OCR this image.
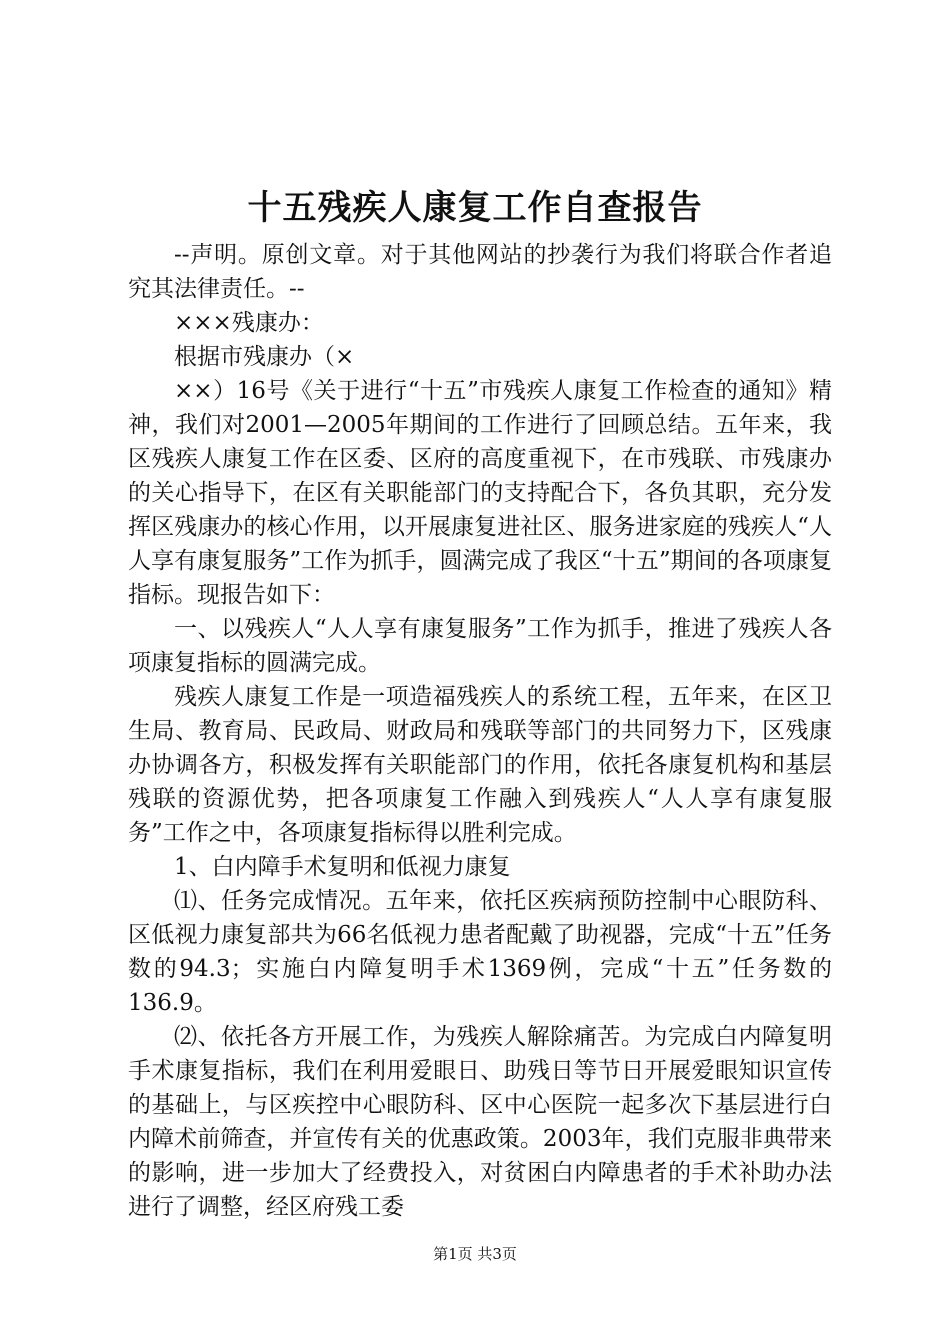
十五残疾人康复工作自查报告

--声明。原创文章。对于其他网站的抄袭行为我们将联合作者追究其法律责任。--

×××残康办：

根据市残康办（×

××）16号《关于进行“十五”市残疾人康复工作检查的通知》精神，我们对2001—2005年期间的工作进行了回顾总结。五年来，我区残疾人康复工作在区委、区府的高度重视下，在市残联、市残康办的关心指导下，在区有关职能部门的支持配合下，各负其职，充分发挥区残康办的核心作用，以开展康复进社区、服务进家庭的残疾人“人人享有康复服务”工作为抓手，圆满完成了我区“十五”期间的各项康复指标。现报告如下：

一、以残疾人“人人享有康复服务”工作为抓手，推进了残疾人各项康复指标的圆满完成。

残疾人康复工作是一项造福残疾人的系统工程，五年来，在区卫生局、教育局、民政局、财政局和残联等部门的共同努力下，区残康办协调各方，积极发挥有关职能部门的作用，依托各康复机构和基层残联的资源优势，把各项康复工作融入到残疾人“人人享有康复服务”工作之中，各项康复指标得以胜利完成。

1、白内障手术复明和低视力康复

⑴、任务完成情况。五年来，依托区疾病预防控制中心眼防科、区低视力康复部共为66名低视力患者配戴了助视器，完成“十五”任务数的94.3；实施白内障复明手术1369例，完成“十五”任务数的136.9。

⑵、依托各方开展工作，为残疾人解除痛苦。为完成白内障复明手术康复指标，我们在利用爱眼日、助残日等节日开展爱眼知识宣传的基础上，与区疾控中心眼防科、区中心医院一起多次下基层进行白内障术前筛查，并宣传有关的优惠政策。2003年，我们克服非典带来的影响，进一步加大了经费投入，对贫困白内障患者的手术补助办法进行了调整，经区府残工委

第1页 共3页
